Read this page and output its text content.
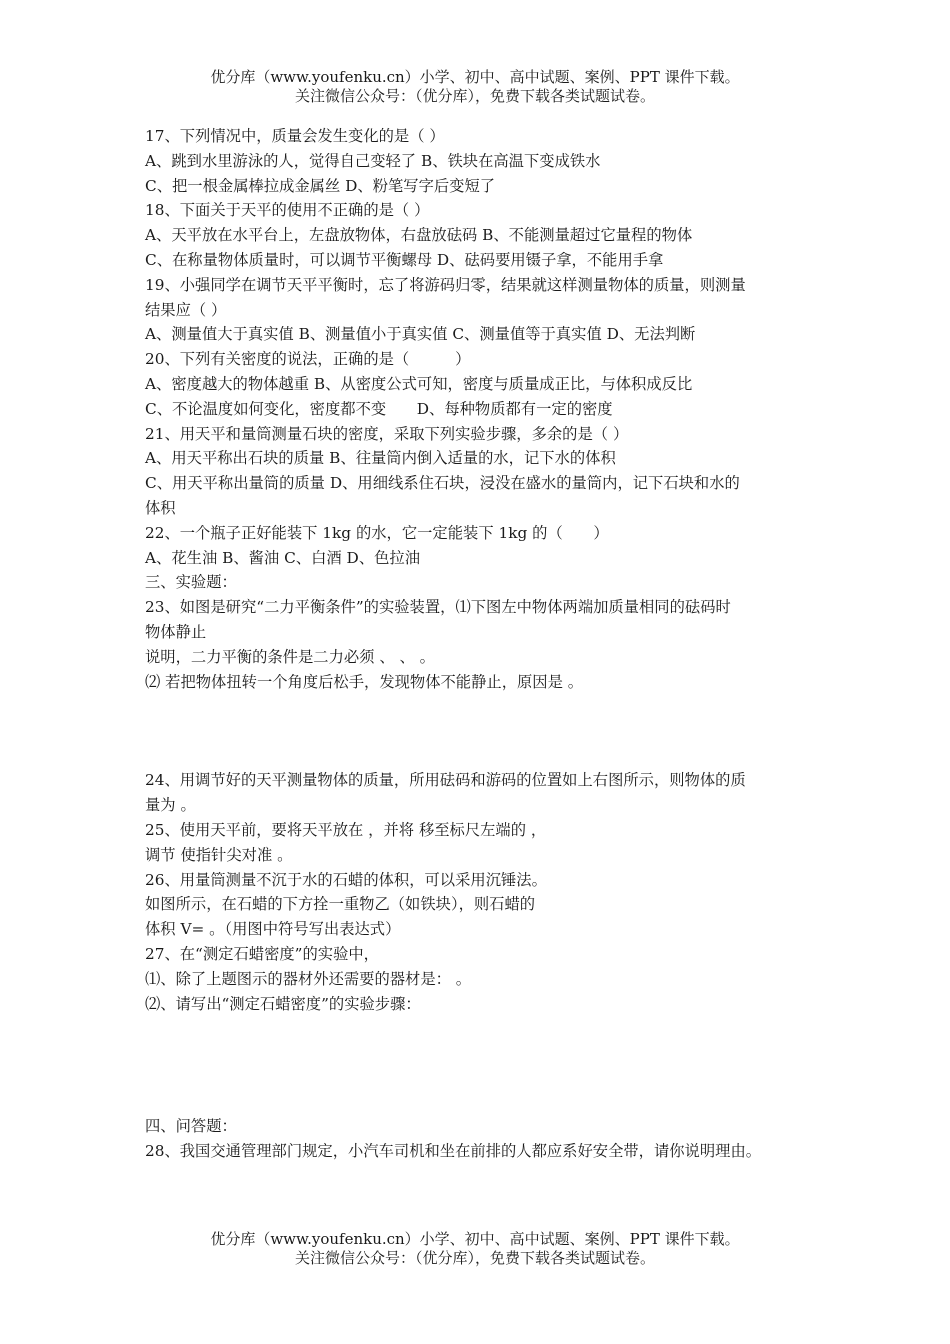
优分库（www.youfenku.cn）小学、初中、高中试题、案例、PPT 课件下载。
关注微信公众号：（优分库），免费下载各类试题试卷。
17、下列情况中，质量会发生变化的是（ ）
A、跳到水里游泳的人，觉得自己变轻了 B、铁块在高温下变成铁水
C、把一根金属棒拉成金属丝 D、粉笔写字后变短了
18、下面关于天平的使用不正确的是（ ）
A、天平放在水平台上，左盘放物体，右盘放砝码 B、不能测量超过它量程的物体
C、在称量物体质量时，可以调节平衡螺母 D、砝码要用镊子拿，不能用手拿
19、小强同学在调节天平平衡时，忘了将游码归零，结果就这样测量物体的质量，则测量
结果应（ ）
A、测量值大于真实值 B、测量值小于真实值 C、测量值等于真实值 D、无法判断
20、下列有关密度的说法，正确的是（　　　）
A、密度越大的物体越重 B、从密度公式可知，密度与质量成正比，与体积成反比
C、不论温度如何变化，密度都不变　　D、每种物质都有一定的密度
21、用天平和量筒测量石块的密度，采取下列实验步骤，多余的是（ ）
A、用天平称出石块的质量 B、往量筒内倒入适量的水，记下水的体积
C、用天平称出量筒的质量 D、用细线系住石块，浸没在盛水的量筒内，记下石块和水的
体积
22、一个瓶子正好能装下 1kg 的水，它一定能装下 1kg 的（　　）
A、花生油 B、酱油 C、白酒 D、色拉油
三、实验题：
23、如图是研究“二力平衡条件”的实验装置，⑴下图左中物体两端加质量相同的砝码时
物体静止
说明，二力平衡的条件是二力必须 、 、 。
⑵ 若把物体扭转一个角度后松手，发现物体不能静止，原因是 。
24、用调节好的天平测量物体的质量，所用砝码和游码的位置如上右图所示，则物体的质
量为 。
25、使用天平前，要将天平放在 ，并将 移至标尺左端的 ，
调节 使指针尖对准 。
26、用量筒测量不沉于水的石蜡的体积，可以采用沉锤法。
如图所示，在石蜡的下方拴一重物乙（如铁块），则石蜡的
体积 V= 。（用图中符号写出表达式）
27、在“测定石蜡密度”的实验中，
⑴、除了上题图示的器材外还需要的器材是： 。
⑵、请写出“测定石蜡密度”的实验步骤：
四、问答题：
28、我国交通管理部门规定，小汽车司机和坐在前排的人都应系好安全带，请你说明理由。
优分库（www.youfenku.cn）小学、初中、高中试题、案例、PPT 课件下载。
关注微信公众号：（优分库），免费下载各类试题试卷。
